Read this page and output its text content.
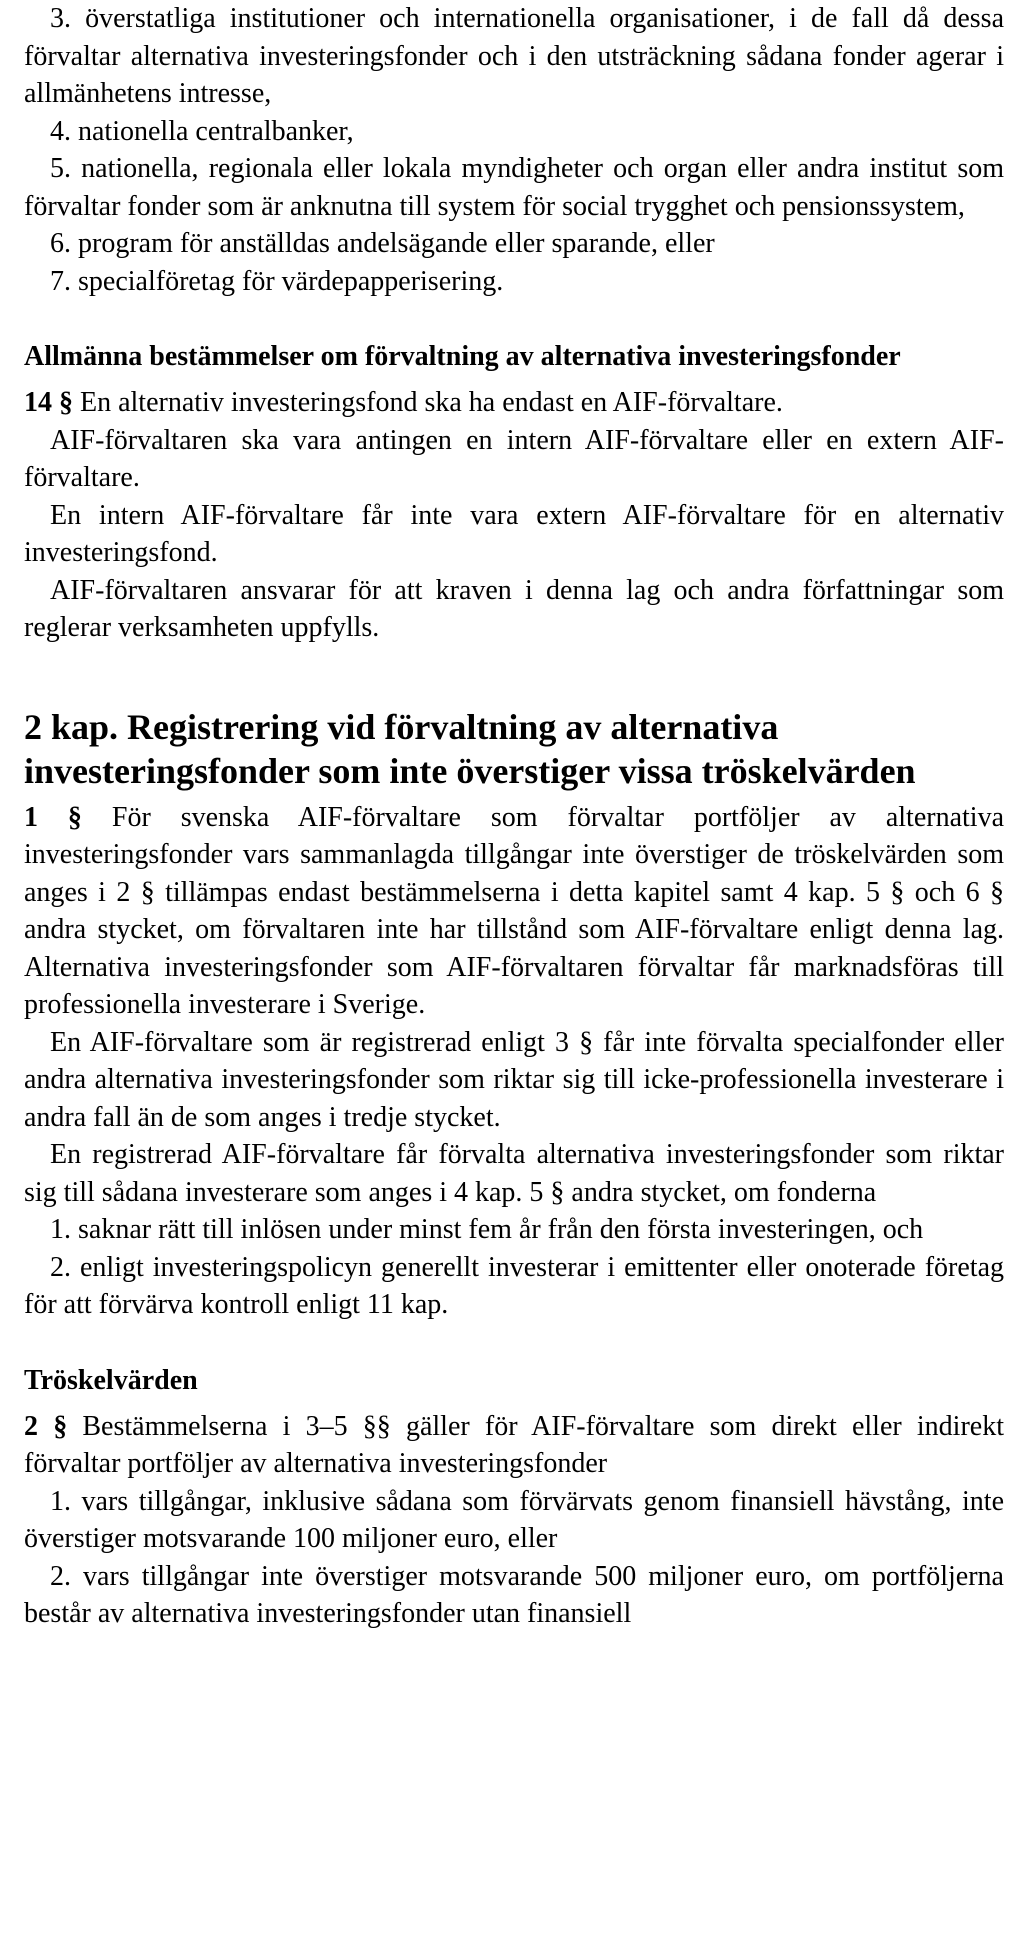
3. överstatliga institutioner och internationella organisationer, i de fall då dessa förvaltar alternativa investeringsfonder och i den utsträckning sådana fonder agerar i allmänhetens intresse,

4. nationella centralbanker,

5. nationella, regionala eller lokala myndigheter och organ eller andra institut som förvaltar fonder som är anknutna till system för social trygghet och pensionssystem,

6. program för anställdas andelsägande eller sparande, eller

7. specialföretag för värdepapperisering.

Allmänna bestämmelser om förvaltning av alternativa investeringsfonder

14 § En alternativ investeringsfond ska ha endast en AIF-förvaltare.

AIF-förvaltaren ska vara antingen en intern AIF-förvaltare eller en extern AIF-förvaltare.

En intern AIF-förvaltare får inte vara extern AIF-förvaltare för en alternativ investeringsfond.

AIF-förvaltaren ansvarar för att kraven i denna lag och andra författningar som reglerar verksamheten uppfylls.

2 kap. Registrering vid förvaltning av alternativa investeringsfonder som inte överstiger vissa tröskelvärden

1 § För svenska AIF-förvaltare som förvaltar portföljer av alternativa investeringsfonder vars sammanlagda tillgångar inte överstiger de tröskelvärden som anges i 2 § tillämpas endast bestämmelserna i detta kapitel samt 4 kap. 5 § och 6 § andra stycket, om förvaltaren inte har tillstånd som AIF-förvaltare enligt denna lag. Alternativa investeringsfonder som AIF-förvaltaren förvaltar får marknadsföras till professionella investerare i Sverige.

En AIF-förvaltare som är registrerad enligt 3 § får inte förvalta specialfonder eller andra alternativa investeringsfonder som riktar sig till icke-professionella investerare i andra fall än de som anges i tredje stycket.

En registrerad AIF-förvaltare får förvalta alternativa investeringsfonder som riktar sig till sådana investerare som anges i 4 kap. 5 § andra stycket, om fonderna

1. saknar rätt till inlösen under minst fem år från den första investeringen, och

2. enligt investeringspolicyn generellt investerar i emittenter eller onoterade företag för att förvärva kontroll enligt 11 kap.

Tröskelvärden

2 § Bestämmelserna i 3–5 §§ gäller för AIF-förvaltare som direkt eller indirekt förvaltar portföljer av alternativa investeringsfonder

1. vars tillgångar, inklusive sådana som förvärvats genom finansiell hävstång, inte överstiger motsvarande 100 miljoner euro, eller

2. vars tillgångar inte överstiger motsvarande 500 miljoner euro, om portföljerna består av alternativa investeringsfonder utan finansiell
